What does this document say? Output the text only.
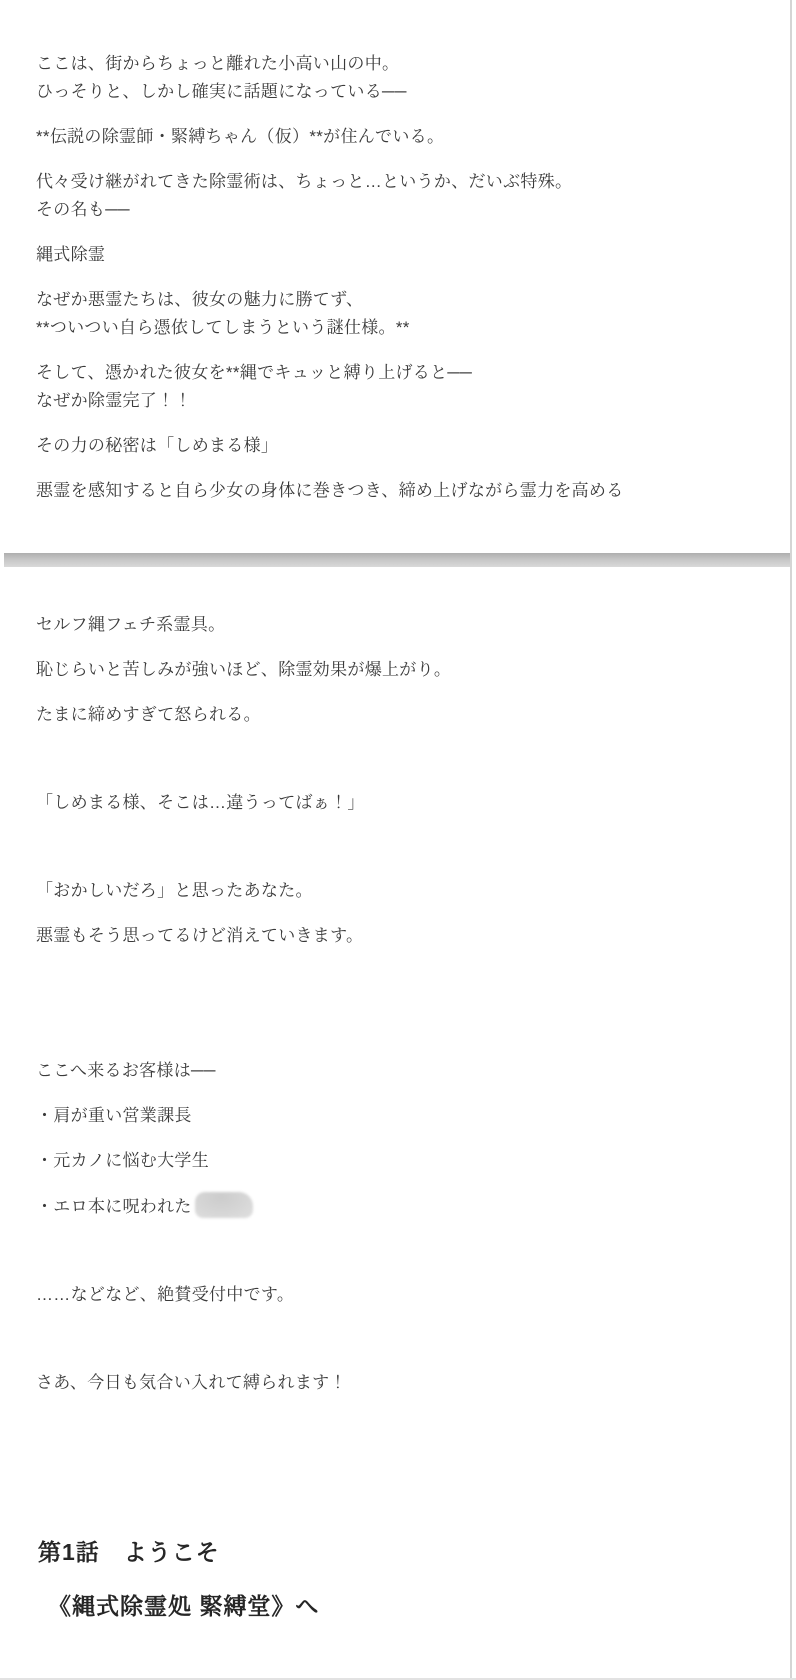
ここは、街からちょっと離れた小高い山の中。
ひっそりと、しかし確実に話題になっている──

**伝説の除霊師・緊縛ちゃん（仮）**が住んでいる。

代々受け継がれてきた除霊術は、ちょっと…というか、だいぶ特殊。
その名も──

縄式除霊

なぜか悪霊たちは、彼女の魅力に勝てず、
**ついつい自ら憑依してしまうという謎仕様。**

そして、憑かれた彼女を**縄でキュッと縛り上げると──
なぜか除霊完了！！

その力の秘密は「しめまる様」

悪霊を感知すると自ら少女の身体に巻きつき、締め上げながら霊力を高める

セルフ縄フェチ系霊具。

恥じらいと苦しみが強いほど、除霊効果が爆上がり。

たまに締めすぎて怒られる。

「しめまる様、そこは…違うってばぁ！」

「おかしいだろ」と思ったあなた。

悪霊もそう思ってるけど消えていきます。

ここへ来るお客様は──

・肩が重い営業課長

・元カノに悩む大学生

・エロ本に呪われた

……などなど、絶賛受付中です。

さあ、今日も気合い入れて縛られます！

第1話　ようこそ
《縄式除霊処 緊縛堂》へ
